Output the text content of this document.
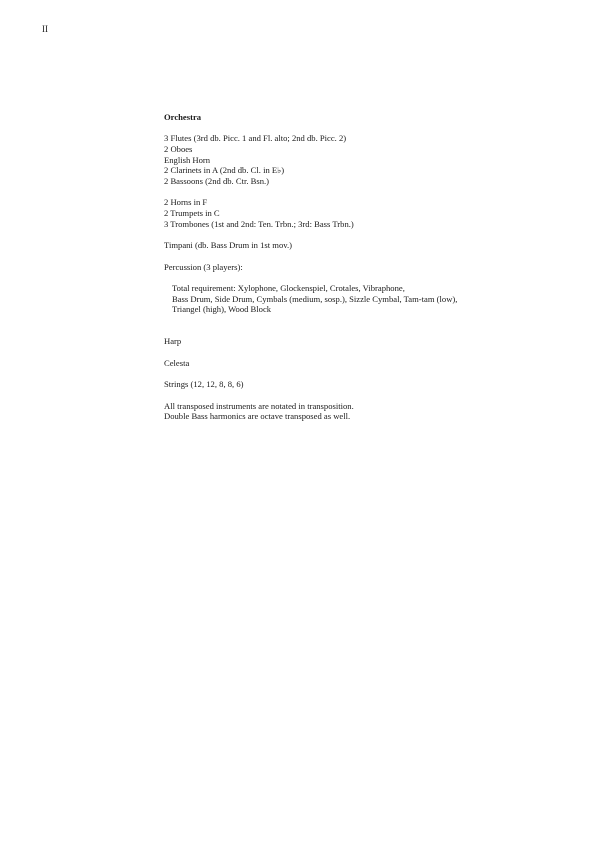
II
Orchestra
3 Flutes (3rd db. Picc. 1 and Fl. alto; 2nd db. Picc. 2)
2 Oboes
English Horn
2 Clarinets in A (2nd db. Cl. in E♭)
2 Bassoons (2nd db. Ctr. Bsn.)
2 Horns in F
2 Trumpets in C
3 Trombones (1st and 2nd: Ten. Trbn.; 3rd: Bass Trbn.)
Timpani (db. Bass Drum in 1st mov.)
Percussion (3 players):
Total requirement: Xylophone, Glockenspiel, Crotales, Vibraphone,
Bass Drum, Side Drum, Cymbals (medium, sosp.), Sizzle Cymbal, Tam-tam (low),
Triangel (high), Wood Block
Harp
Celesta
Strings (12, 12, 8, 8, 6)
All transposed instruments are notated in transposition.
Double Bass harmonics are octave transposed as well.
